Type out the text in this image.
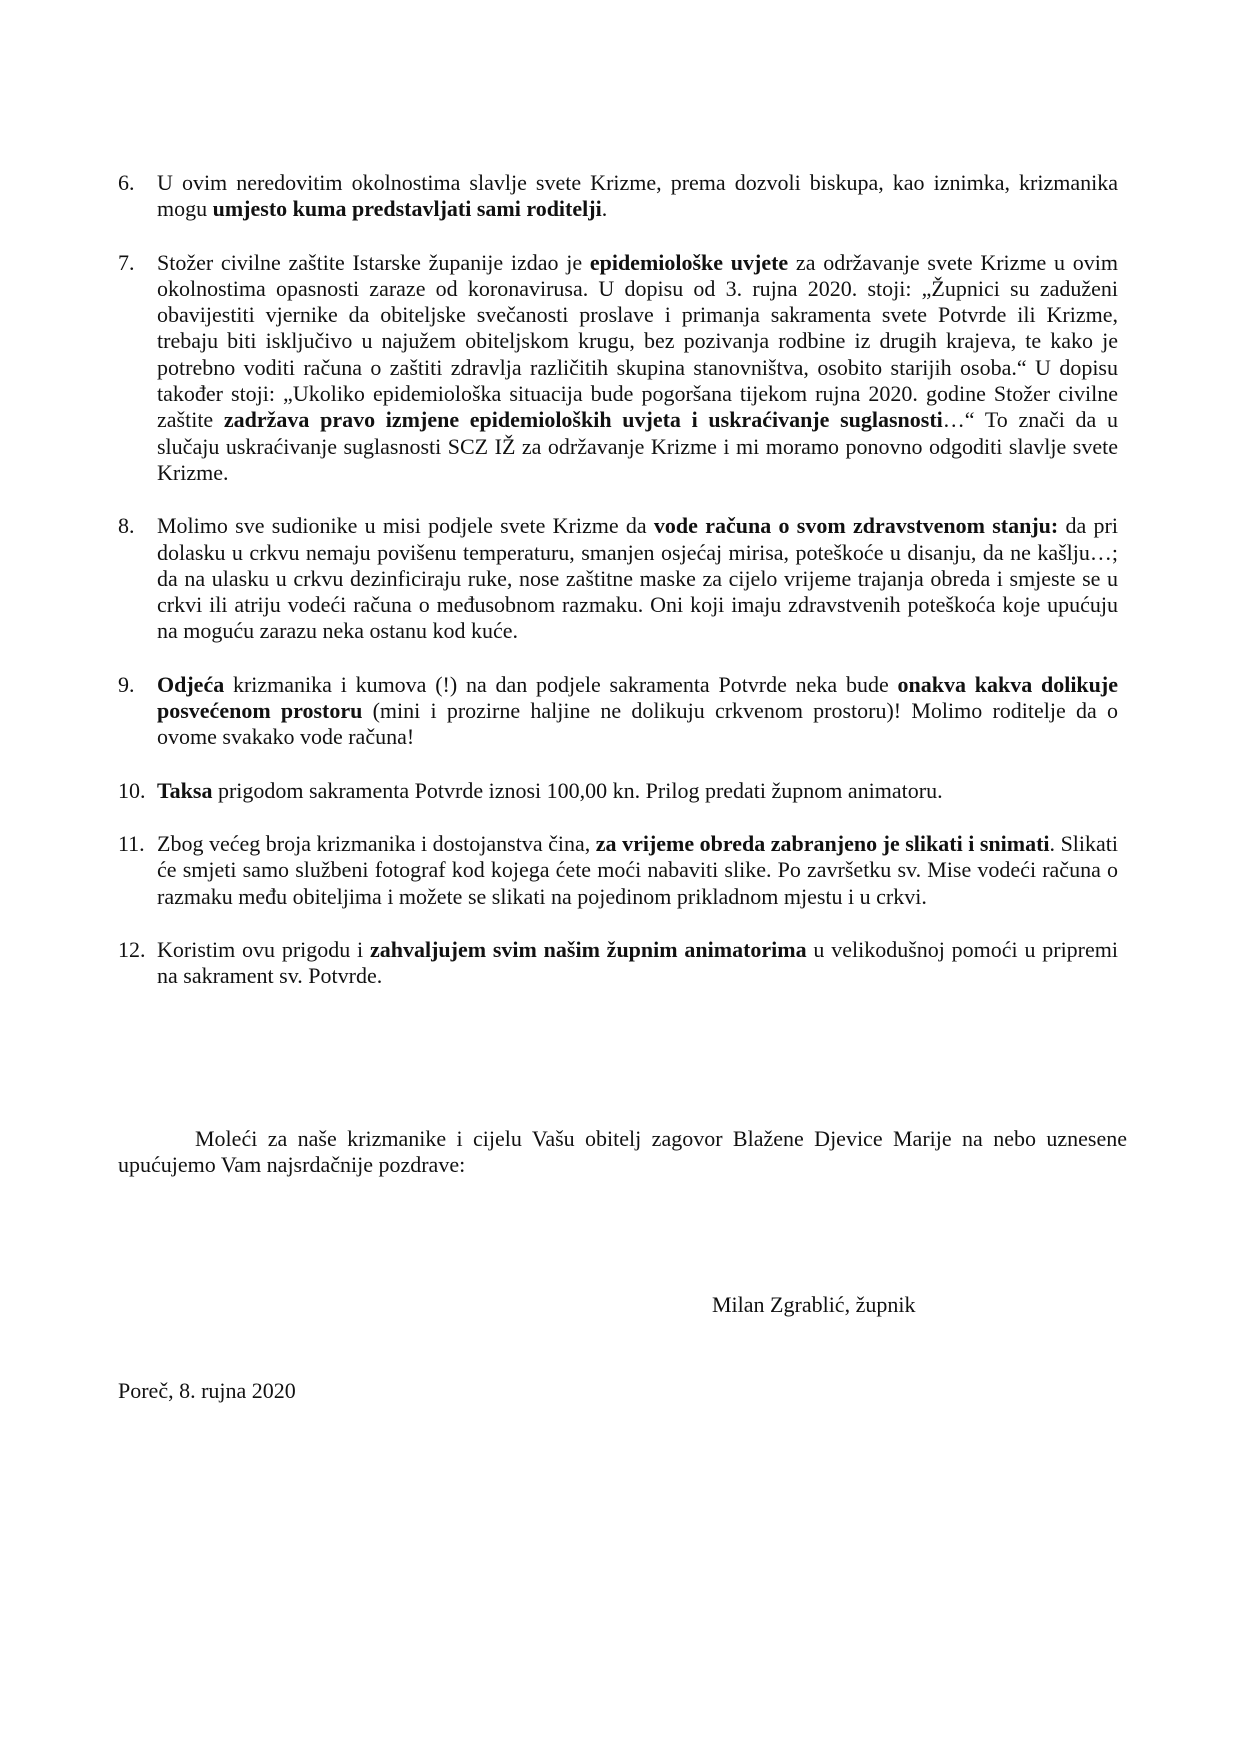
6. U ovim neredovitim okolnostima slavlje svete Krizme, prema dozvoli biskupa, kao iznimka, krizmanika mogu umjesto kuma predstavljati sami roditelji.
7. Stožer civilne zaštite Istarske županije izdao je epidemiološke uvjete za održavanje svete Krizme u ovim okolnostima opasnosti zaraze od koronavirusa. U dopisu od 3. rujna 2020. stoji: „Župnici su zaduženi obavijestiti vjernike da obiteljske svečanosti proslave i primanja sakramenta svete Potvrde ili Krizme, trebaju biti isključivo u najužem obiteljskom krugu, bez pozivanja rodbine iz drugih krajeva, te kako je potrebno voditi računa o zaštiti zdravlja različitih skupina stanovništva, osobito starijih osoba.“ U dopisu također stoji: „Ukoliko epidemiološka situacija bude pogoršana tijekom rujna 2020. godine Stožer civilne zaštite zadržava pravo izmjene epidemioloških uvjeta i uskraćivanje suglasnosti…“ To znači da u slučaju uskraćivanje suglasnosti SCZ IŽ za održavanje Krizme i mi moramo ponovno odgoditi slavlje svete Krizme.
8. Molimo sve sudionike u misi podjele svete Krizme da vode računa o svom zdravstvenom stanju: da pri dolasku u crkvu nemaju povišenu temperaturu, smanjen osjećaj mirisa, poteškoće u disanju, da ne kašlju…; da na ulasku u crkvu dezinficiraju ruke, nose zaštitne maske za cijelo vrijeme trajanja obreda i smjeste se u crkvi ili atriju vodeći računa o međusobnom razmaku. Oni koji imaju zdravstvenih poteškoća koje upućuju na moguću zarazu neka ostanu kod kuće.
9. Odjeća krizmanika i kumova (!) na dan podjele sakramenta Potvrde neka bude onakva kakva dolikuje posvećenom prostoru (mini i prozirne haljine ne dolikuju crkvenom prostoru)! Molimo roditelje da o ovome svakako vode računa!
10. Taksa prigodom sakramenta Potvrde iznosi 100,00 kn. Prilog predati župnom animatoru.
11. Zbog većeg broja krizmanika i dostojanstva čina, za vrijeme obreda zabranjeno je slikati i snimati. Slikati će smjeti samo službeni fotograf kod kojega ćete moći nabaviti slike. Po završetku sv. Mise vodeći računa o razmaku među obiteljima i možete se slikati na pojedinom prikladnom mjestu i u crkvi.
12. Koristim ovu prigodu i zahvaljujem svim našim župnim animatorima u velikodušnoj pomoći u pripremi na sakrament sv. Potvrde.

Moleći za naše krizmanike i cijelu Vašu obitelj zagovor Blažene Djevice Marije na nebo uznesene upućujemo Vam najsrdačnije pozdrave:

Milan Zgrablić, župnik
Poreč, 8. rujna 2020
